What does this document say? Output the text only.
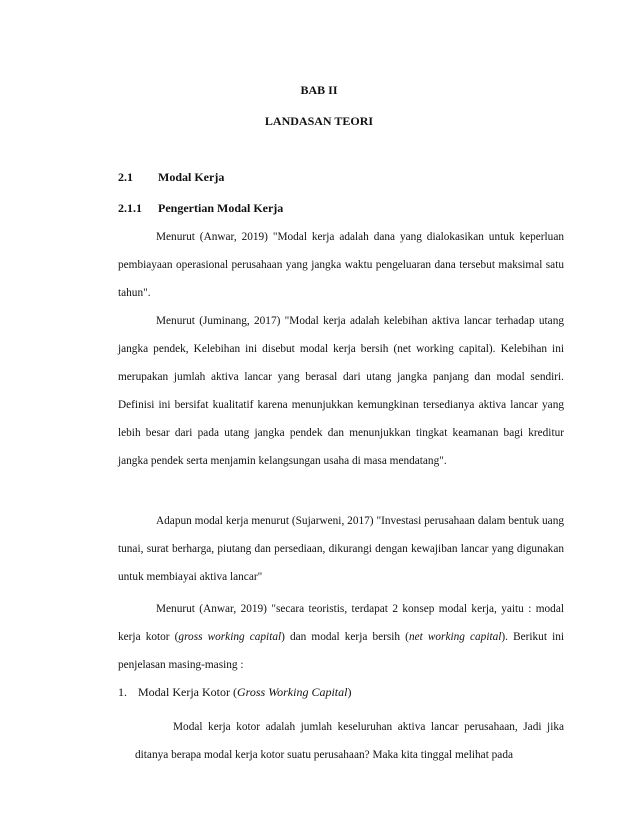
BAB II
LANDASAN TEORI
2.1 Modal Kerja
2.1.1 Pengertian Modal Kerja

Menurut (Anwar, 2019) "Modal kerja adalah dana yang dialokasikan untuk keperluan pembiayaan operasional perusahaan yang jangka waktu pengeluaran dana tersebut maksimal satu tahun".

Menurut (Juminang, 2017) "Modal kerja adalah kelebihan aktiva lancar terhadap utang jangka pendek, Kelebihan ini disebut modal kerja bersih (net working capital). Kelebihan ini merupakan jumlah aktiva lancar yang berasal dari utang jangka panjang dan modal sendiri. Definisi ini bersifat kualitatif karena menunjukkan kemungkinan tersedianya aktiva lancar yang lebih besar dari pada utang jangka pendek dan menunjukkan tingkat keamanan bagi kreditur jangka pendek serta menjamin kelangsungan usaha di masa mendatang".

Adapun modal kerja menurut (Sujarweni, 2017) "Investasi perusahaan dalam bentuk uang tunai, surat berharga, piutang dan persediaan, dikurangi dengan kewajiban lancar yang digunakan untuk membiayai aktiva lancar"

Menurut (Anwar, 2019) "secara teoristis, terdapat 2 konsep modal kerja, yaitu : modal kerja kotor (gross working capital) dan modal kerja bersih (net working capital). Berikut ini penjelasan masing-masing :

1. Modal Kerja Kotor (Gross Working Capital)

Modal kerja kotor adalah jumlah keseluruhan aktiva lancar perusahaan, Jadi jika ditanya berapa modal kerja kotor suatu perusahaan? Maka kita tinggal melihat pada
